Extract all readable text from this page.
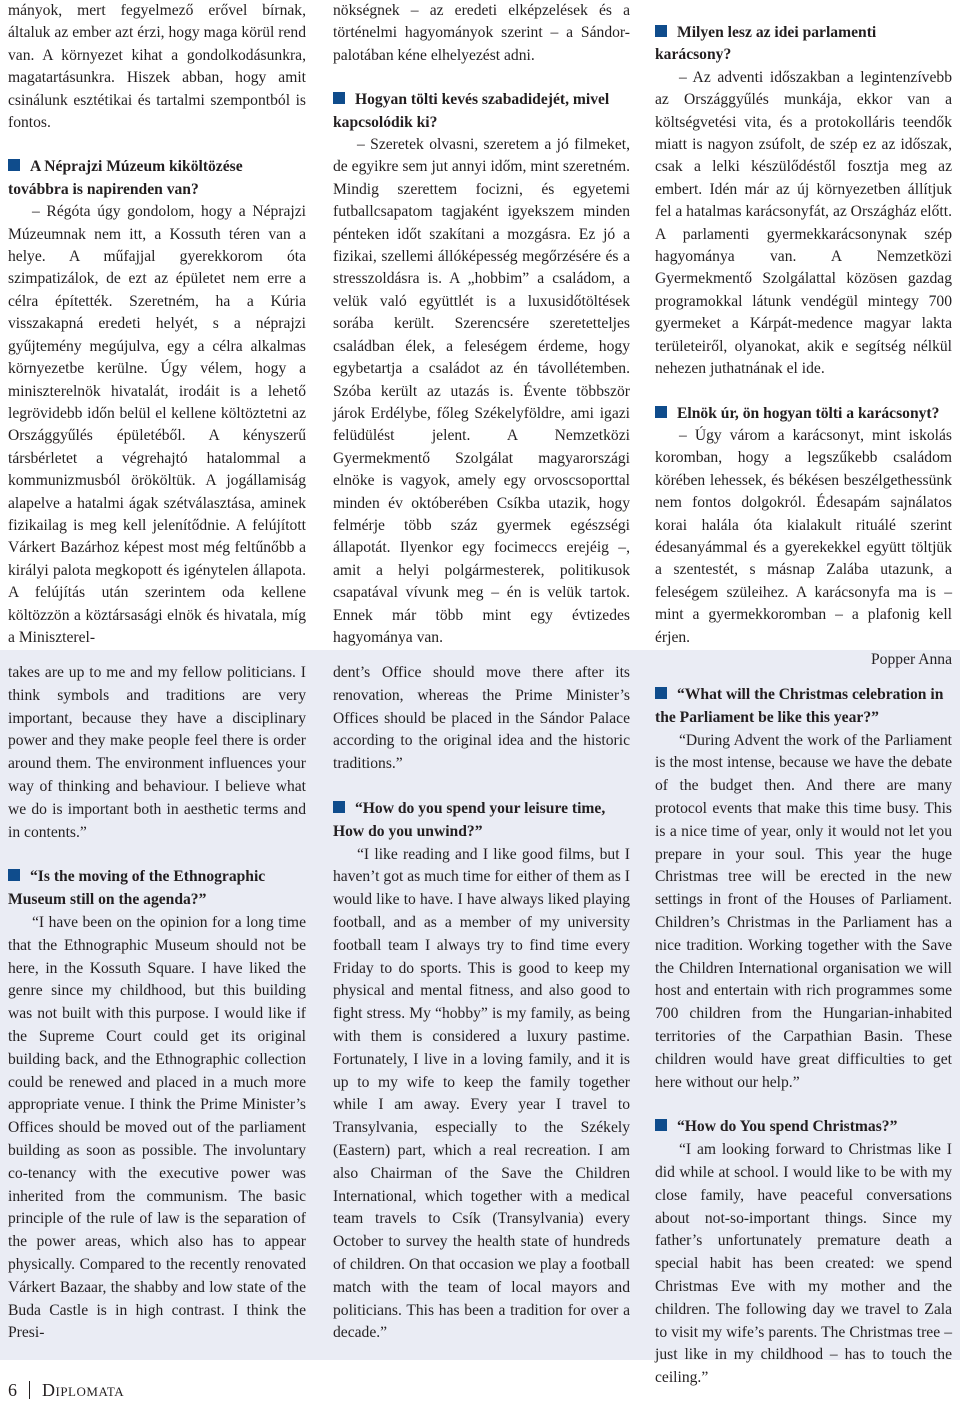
mányok, mert fegyelmező erővel bírnak, általuk az ember azt érzi, hogy maga körül rend van. A környezet kihat a gondolkodásunkra, magatartásunkra. Hiszek abban, hogy amit csinálunk esztétikai és tartalmi szempontból is fontos.
A Néprajzi Múzeum kiköltözése továbbra is napirenden van?
– Régóta úgy gondolom, hogy a Néprajzi Múzeumnak nem itt, a Kossuth téren van a helye. A műfajjal gyerekkorom óta szimpatizálok, de ezt az épületet nem erre a célra építették. Szeretném, ha a Kúria visszakapná eredeti helyét, s a néprajzi gyűjtemény megújulva, egy a célra alkalmas környezetbe kerülne. Úgy vélem, hogy a miniszterelnök hivatalát, irodáit is a lehető legrövidebb időn belül el kellene költöztetni az Országgyűlés épületéből. A kényszerű társbérletet a végrehajtó hatalommal a kommunizmusból örököltük. A jogállamiság alapelve a hatalmi ágak szétválasztása, aminek fizikailag is meg kell jelenítődnie. A felújított Várkert Bazárhoz képest most még feltűnőbb a királyi palota megkopott és igénytelen állapota. A felújítás után szerintem oda kellene költözzön a köztársasági elnök és hivatala, míg a Miniszterel-
nökségnek – az eredeti elképzelések és a történelmi hagyományok szerint – a Sándor-palotában kéne elhelyezést adni.
Hogyan tölti kevés szabadidejét, mivel kapcsolódik ki?
– Szeretek olvasni, szeretem a jó filmeket, de egyikre sem jut annyi időm, mint szeretném. Mindig szerettem focizni, és egyetemi futballcsapatom tagjaként igyekszem minden pénteken időt szakítani a mozgásra. Ez jó a fizikai, szellemi állóképesség megőrzésére és a stresszoldásra is. A „hobbim” a családom, a velük való együttlét is a luxusidőtöltések sorába került. Szerencsére szeretetteljes családban élek, a feleségem érdeme, hogy egybetartja a családot az én távollétemben. Szóba került az utazás is. Évente többször járok Erdélybe, főleg Székelyföldre, ami igazi felüdülést jelent. A Nemzetközi Gyermekmentő Szolgálat magyarországi elnöke is vagyok, amely egy orvoscsoporttal minden év októberében Csíkba utazik, hogy felmérje több száz gyermek egészségi állapotát. Ilyenkor egy focimeccs erejéig –, amit a helyi polgármesterek, politikusok csapatával vívunk meg – én is velük tartok. Ennek már több mint egy évtizedes hagyománya van.
Milyen lesz az idei parlamenti karácsony?
– Az adventi időszakban a legintenzívebb az Országgyűlés munkája, ekkor van a költségvetési vita, és a protokolláris teendők miatt is nagyon zsúfolt, de szép ez az időszak, csak a lelki készülődéstől fosztja meg az embert. Idén már az új környezetben állítjuk fel a hatalmas karácsonyfát, az Országház előtt. A parlamenti gyermekkarácsonynak szép hagyománya van. A Nemzetközi Gyermekmentő Szolgálattal közösen gazdag programokkal látunk vendégül mintegy 700 gyermeket a Kárpát-medence magyar lakta területeiről, olyanokat, akik e segítség nélkül nehezen juthatnának el ide.
Elnök úr, ön hogyan tölti a karácsonyt?
– Úgy várom a karácsonyt, mint iskolás koromban, hogy a legszűkebb családom körében lehessek, és békésen beszélgethessünk nem fontos dolgokról. Édesapám sajnálatos korai halála óta kialakult rituálé szerint édesanyámmal és a gyerekekkel együtt töltjük a szentestét, s másnap Zalába utazunk, a feleségem szüleihez. A karácsonyfa ma is – mint a gyermekkoromban – a plafonig kell érjen.
Popper Anna
takes are up to me and my fellow politicians. I think symbols and traditions are very important, because they have a disciplinary power and they make people feel there is order around them. The environment influences your way of thinking and behaviour. I believe what we do is important both in aesthetic terms and in contents.”
“Is the moving of the Ethnographic Museum still on the agenda?”
“I have been on the opinion for a long time that the Ethnographic Museum should not be here, in the Kossuth Square. I have liked the genre since my childhood, but this building was not built with this purpose. I would like if the Supreme Court could get its original building back, and the Ethnographic collection could be renewed and placed in a much more appropriate venue. I think the Prime Minister’s Offices should be moved out of the parliament building as soon as possible. The involuntary co-tenancy with the executive power was inherited from the communism. The basic principle of the rule of law is the separation of the power areas, which also has to appear physically. Compared to the recently renovated Várkert Bazaar, the shabby and low state of the Buda Castle is in high contrast. I think the Presi-
dent’s Office should move there after its renovation, whereas the Prime Minister’s Offices should be placed in the Sándor Palace according to the original idea and the historic traditions.”
“How do you spend your leisure time, How do you unwind?”
“I like reading and I like good films, but I haven’t got as much time for either of them as I would like to have. I have always liked playing football, and as a member of my university football team I always try to find time every Friday to do sports. This is good to keep my physical and mental fitness, and also good to fight stress. My “hobby” is my family, as being with them is considered a luxury pastime. Fortunately, I live in a loving family, and it is up to my wife to keep the family together while I am away. Every year I travel to Transylvania, especially to the Székely (Eastern) part, which a real recreation. I am also Chairman of the Save the Children International, which together with a medical team travels to Csík (Transylvania) every October to survey the health state of hundreds of children. On that occasion we play a football match with the team of local mayors and politicians. This has been a tradition for over a decade.”
“What will the Christmas celebration in the Parliament be like this year?”
“During Advent the work of the Parliament is the most intense, because we have the debate of the budget then. And there are many protocol events that make this time busy. This is a nice time of year, only it would not let you prepare in your soul. This year the huge Christmas tree will be erected in the new settings in front of the Houses of Parliament. Children’s Christmas in the Parliament has a nice tradition. Working together with the Save the Children International organisation we will host and entertain with rich programmes some 700 children from the Hungarian-inhabited territories of the Carpathian Basin. These children would have great difficulties to get here without our help.”
“How do You spend Christmas?”
“I am looking forward to Christmas like I did while at school. I would like to be with my close family, have peaceful conversations about not-so-important things. Since my father’s unfortunately premature death a special habit has been created: we spend Christmas Eve with my mother and the children. The following day we travel to Zala to visit my wife’s parents. The Christmas tree – just like in my childhood – has to touch the ceiling.”
6 Diplomata
